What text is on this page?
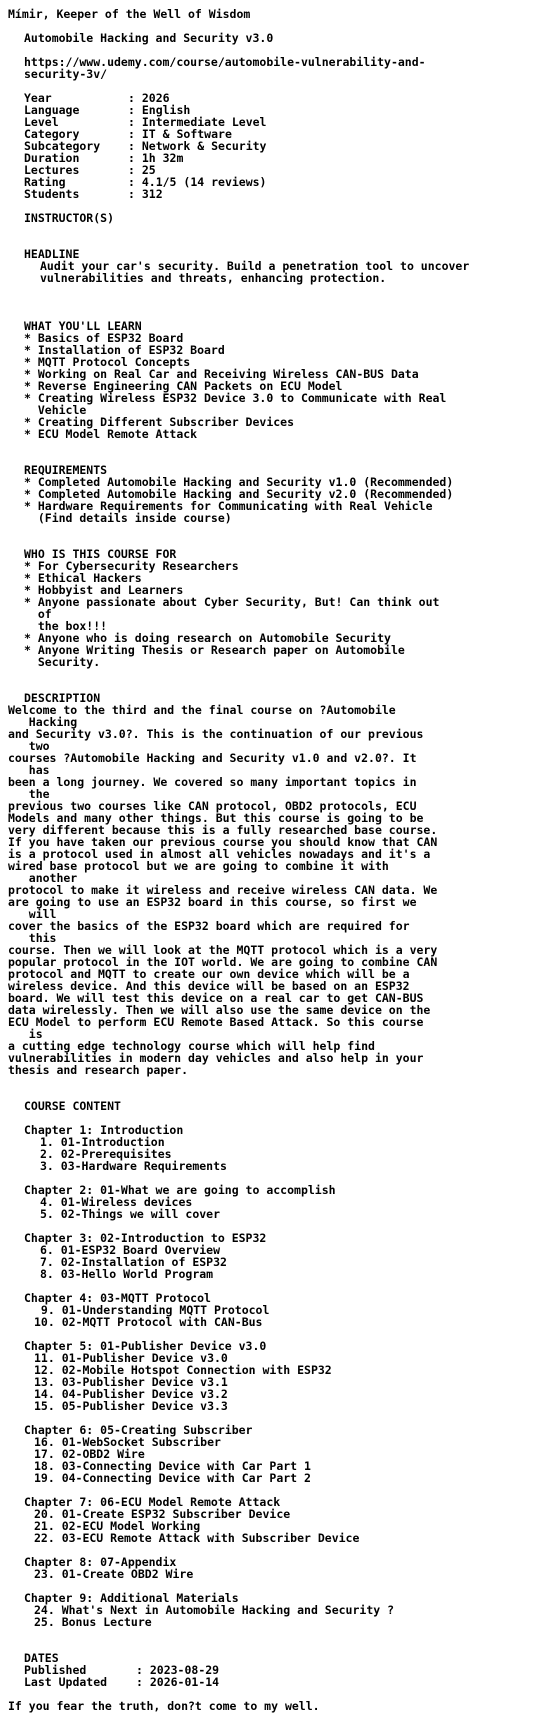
Mímir, Keeper of the Well of Wisdom
Automobile Hacking and Security v3.0
https://www.udemy.com/course/automobile-vulnerability-and-
security-3v/
Year	: 2026
Language	: English
Level	: Intermediate Level
Category	: IT & Software
Subcategory	: Network & Security
Duration	: 1h 32m
Lectures	: 25
Rating	: 4.1/5 (14 reviews)
Students	: 312
INSTRUCTOR(S)
HEADLINE
Audit your car's security. Build a penetration tool to uncover
vulnerabilities and threats, enhancing protection.
WHAT YOU'LL LEARN
* Basics of ESP32 Board
* Installation of ESP32 Board
* MQTT Protocol Concepts
* Working on Real Car and Receiving Wireless CAN-BUS Data
* Reverse Engineering CAN Packets on ECU Model
* Creating Wireless ESP32 Device 3.0 to Communicate with Real
Vehicle
* Creating Different Subscriber Devices
* ECU Model Remote Attack
REQUIREMENTS
* Completed Automobile Hacking and Security v1.0 (Recommended)
* Completed Automobile Hacking and Security v2.0 (Recommended)
* Hardware Requirements for Communicating with Real Vehicle
(Find details inside course)
WHO IS THIS COURSE FOR
* For Cybersecurity Researchers
* Ethical Hackers
* Hobbyist and Learners
* Anyone passionate about Cyber Security, But! Can think out
of
the box!!!
* Anyone who is doing research on Automobile Security
* Anyone Writing Thesis or Research paper on Automobile
Security.
DESCRIPTION
Welcome to the third and the final course on ?Automobile
Hacking
and Security v3.0?. This is the continuation of our previous
two
courses ?Automobile Hacking and Security v1.0 and v2.0?. It
has
been a long journey. We covered so many important topics in
the
previous two courses like CAN protocol, OBD2 protocols, ECU
Models and many other things. But this course is going to be
very different because this is a fully researched base course.
If you have taken our previous course you should know that CAN
is a protocol used in almost all vehicles nowadays and it's a
wired base protocol but we are going to combine it with
another
protocol to make it wireless and receive wireless CAN data. We
are going to use an ESP32 board in this course, so first we
will
cover the basics of the ESP32 board which are required for
this
course. Then we will look at the MQTT protocol which is a very
popular protocol in the IOT world. We are going to combine CAN
protocol and MQTT to create our own device which will be a
wireless device. And this device will be based on an ESP32
board. We will test this device on a real car to get CAN-BUS
data wirelessly. Then we will also use the same device on the
ECU Model to perform ECU Remote Based Attack. So this course
is
a cutting edge technology course which will help find
vulnerabilities in modern day vehicles and also help in your
thesis and research paper.
COURSE CONTENT
Chapter 1: Introduction
1. 01-Introduction
2. 02-Prerequisites
3. 03-Hardware Requirements
Chapter 2: 01-What we are going to accomplish
4. 01-Wireless devices
5. 02-Things we will cover
Chapter 3: 02-Introduction to ESP32
6. 01-ESP32 Board Overview
7. 02-Installation of ESP32
8. 03-Hello World Program
Chapter 4: 03-MQTT Protocol
9. 01-Understanding MQTT Protocol
10. 02-MQTT Protocol with CAN-Bus
Chapter 5: 01-Publisher Device v3.0
11. 01-Publisher Device v3.0
12. 02-Mobile Hotspot Connection with ESP32
13. 03-Publisher Device v3.1
14. 04-Publisher Device v3.2
15. 05-Publisher Device v3.3
Chapter 6: 05-Creating Subscriber
16. 01-WebSocket Subscriber
17. 02-OBD2 Wire
18. 03-Connecting Device with Car Part 1
19. 04-Connecting Device with Car Part 2
Chapter 7: 06-ECU Model Remote Attack
20. 01-Create ESP32 Subscriber Device
21. 02-ECU Model Working
22. 03-ECU Remote Attack with Subscriber Device
Chapter 8: 07-Appendix
23. 01-Create OBD2 Wire
Chapter 9: Additional Materials
24. What's Next in Automobile Hacking and Security ?
25. Bonus Lecture
DATES
Published	: 2023-08-29
Last Updated	: 2026-01-14
If you fear the truth, don?t come to my well.
